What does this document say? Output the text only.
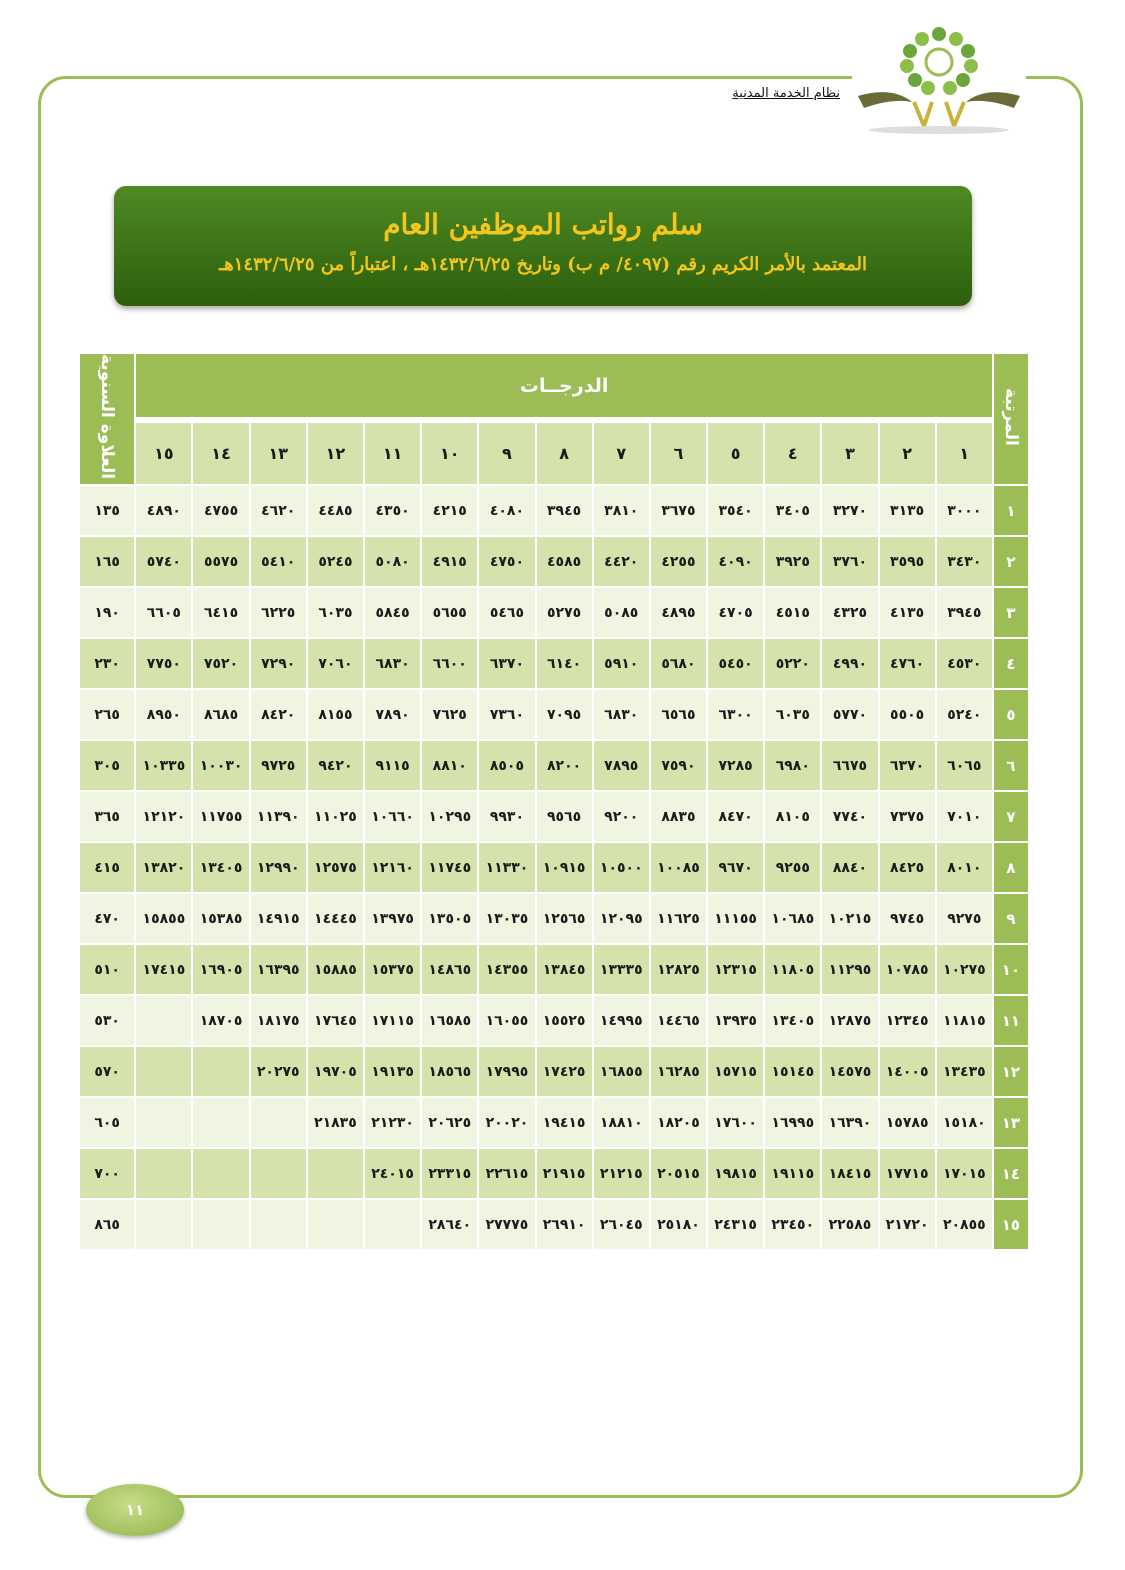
نظام الخدمة المدنية
سلم رواتب الموظفين العام
المعتمد بالأمر الكريم رقم (٤٠٩٧/ م ب) وتاريخ ١٤٣٢/٦/٢٥هـ ، اعتباراً من ١٤٣٢/٦/٢٥هـ
المرتبة	الدرجــات															العلاوة السنوية
	١	٢	٣	٤	٥	٦	٧	٨	٩	١٠	١١	١٢	١٣	١٤	١٥	
١	٣٠٠٠	٣١٣٥	٣٢٧٠	٣٤٠٥	٣٥٤٠	٣٦٧٥	٣٨١٠	٣٩٤٥	٤٠٨٠	٤٢١٥	٤٣٥٠	٤٤٨٥	٤٦٢٠	٤٧٥٥	٤٨٩٠	١٣٥
٢	٣٤٣٠	٣٥٩٥	٣٧٦٠	٣٩٢٥	٤٠٩٠	٤٢٥٥	٤٤٢٠	٤٥٨٥	٤٧٥٠	٤٩١٥	٥٠٨٠	٥٢٤٥	٥٤١٠	٥٥٧٥	٥٧٤٠	١٦٥
٣	٣٩٤٥	٤١٣٥	٤٣٢٥	٤٥١٥	٤٧٠٥	٤٨٩٥	٥٠٨٥	٥٢٧٥	٥٤٦٥	٥٦٥٥	٥٨٤٥	٦٠٣٥	٦٢٢٥	٦٤١٥	٦٦٠٥	١٩٠
٤	٤٥٣٠	٤٧٦٠	٤٩٩٠	٥٢٢٠	٥٤٥٠	٥٦٨٠	٥٩١٠	٦١٤٠	٦٣٧٠	٦٦٠٠	٦٨٣٠	٧٠٦٠	٧٢٩٠	٧٥٢٠	٧٧٥٠	٢٣٠
٥	٥٢٤٠	٥٥٠٥	٥٧٧٠	٦٠٣٥	٦٣٠٠	٦٥٦٥	٦٨٣٠	٧٠٩٥	٧٣٦٠	٧٦٢٥	٧٨٩٠	٨١٥٥	٨٤٢٠	٨٦٨٥	٨٩٥٠	٢٦٥
٦	٦٠٦٥	٦٣٧٠	٦٦٧٥	٦٩٨٠	٧٢٨٥	٧٥٩٠	٧٨٩٥	٨٢٠٠	٨٥٠٥	٨٨١٠	٩١١٥	٩٤٢٠	٩٧٢٥	١٠٠٣٠	١٠٣٣٥	٣٠٥
٧	٧٠١٠	٧٣٧٥	٧٧٤٠	٨١٠٥	٨٤٧٠	٨٨٣٥	٩٢٠٠	٩٥٦٥	٩٩٣٠	١٠٢٩٥	١٠٦٦٠	١١٠٢٥	١١٣٩٠	١١٧٥٥	١٢١٢٠	٣٦٥
٨	٨٠١٠	٨٤٢٥	٨٨٤٠	٩٢٥٥	٩٦٧٠	١٠٠٨٥	١٠٥٠٠	١٠٩١٥	١١٣٣٠	١١٧٤٥	١٢١٦٠	١٢٥٧٥	١٢٩٩٠	١٣٤٠٥	١٣٨٢٠	٤١٥
٩	٩٢٧٥	٩٧٤٥	١٠٢١٥	١٠٦٨٥	١١١٥٥	١١٦٢٥	١٢٠٩٥	١٢٥٦٥	١٣٠٣٥	١٣٥٠٥	١٣٩٧٥	١٤٤٤٥	١٤٩١٥	١٥٣٨٥	١٥٨٥٥	٤٧٠
١٠	١٠٢٧٥	١٠٧٨٥	١١٢٩٥	١١٨٠٥	١٢٣١٥	١٢٨٢٥	١٣٣٣٥	١٣٨٤٥	١٤٣٥٥	١٤٨٦٥	١٥٣٧٥	١٥٨٨٥	١٦٣٩٥	١٦٩٠٥	١٧٤١٥	٥١٠
١١	١١٨١٥	١٢٣٤٥	١٢٨٧٥	١٣٤٠٥	١٣٩٣٥	١٤٤٦٥	١٤٩٩٥	١٥٥٢٥	١٦٠٥٥	١٦٥٨٥	١٧١١٥	١٧٦٤٥	١٨١٧٥	١٨٧٠٥		٥٣٠
١٢	١٣٤٣٥	١٤٠٠٥	١٤٥٧٥	١٥١٤٥	١٥٧١٥	١٦٢٨٥	١٦٨٥٥	١٧٤٢٥	١٧٩٩٥	١٨٥٦٥	١٩١٣٥	١٩٧٠٥	٢٠٢٧٥			٥٧٠
١٣	١٥١٨٠	١٥٧٨٥	١٦٣٩٠	١٦٩٩٥	١٧٦٠٠	١٨٢٠٥	١٨٨١٠	١٩٤١٥	٢٠٠٢٠	٢٠٦٢٥	٢١٢٣٠	٢١٨٣٥				٦٠٥
١٤	١٧٠١٥	١٧٧١٥	١٨٤١٥	١٩١١٥	١٩٨١٥	٢٠٥١٥	٢١٢١٥	٢١٩١٥	٢٢٦١٥	٢٣٣١٥	٢٤٠١٥					٧٠٠
١٥	٢٠٨٥٥	٢١٧٢٠	٢٢٥٨٥	٢٣٤٥٠	٢٤٣١٥	٢٥١٨٠	٢٦٠٤٥	٢٦٩١٠	٢٧٧٧٥	٢٨٦٤٠						٨٦٥
١١
